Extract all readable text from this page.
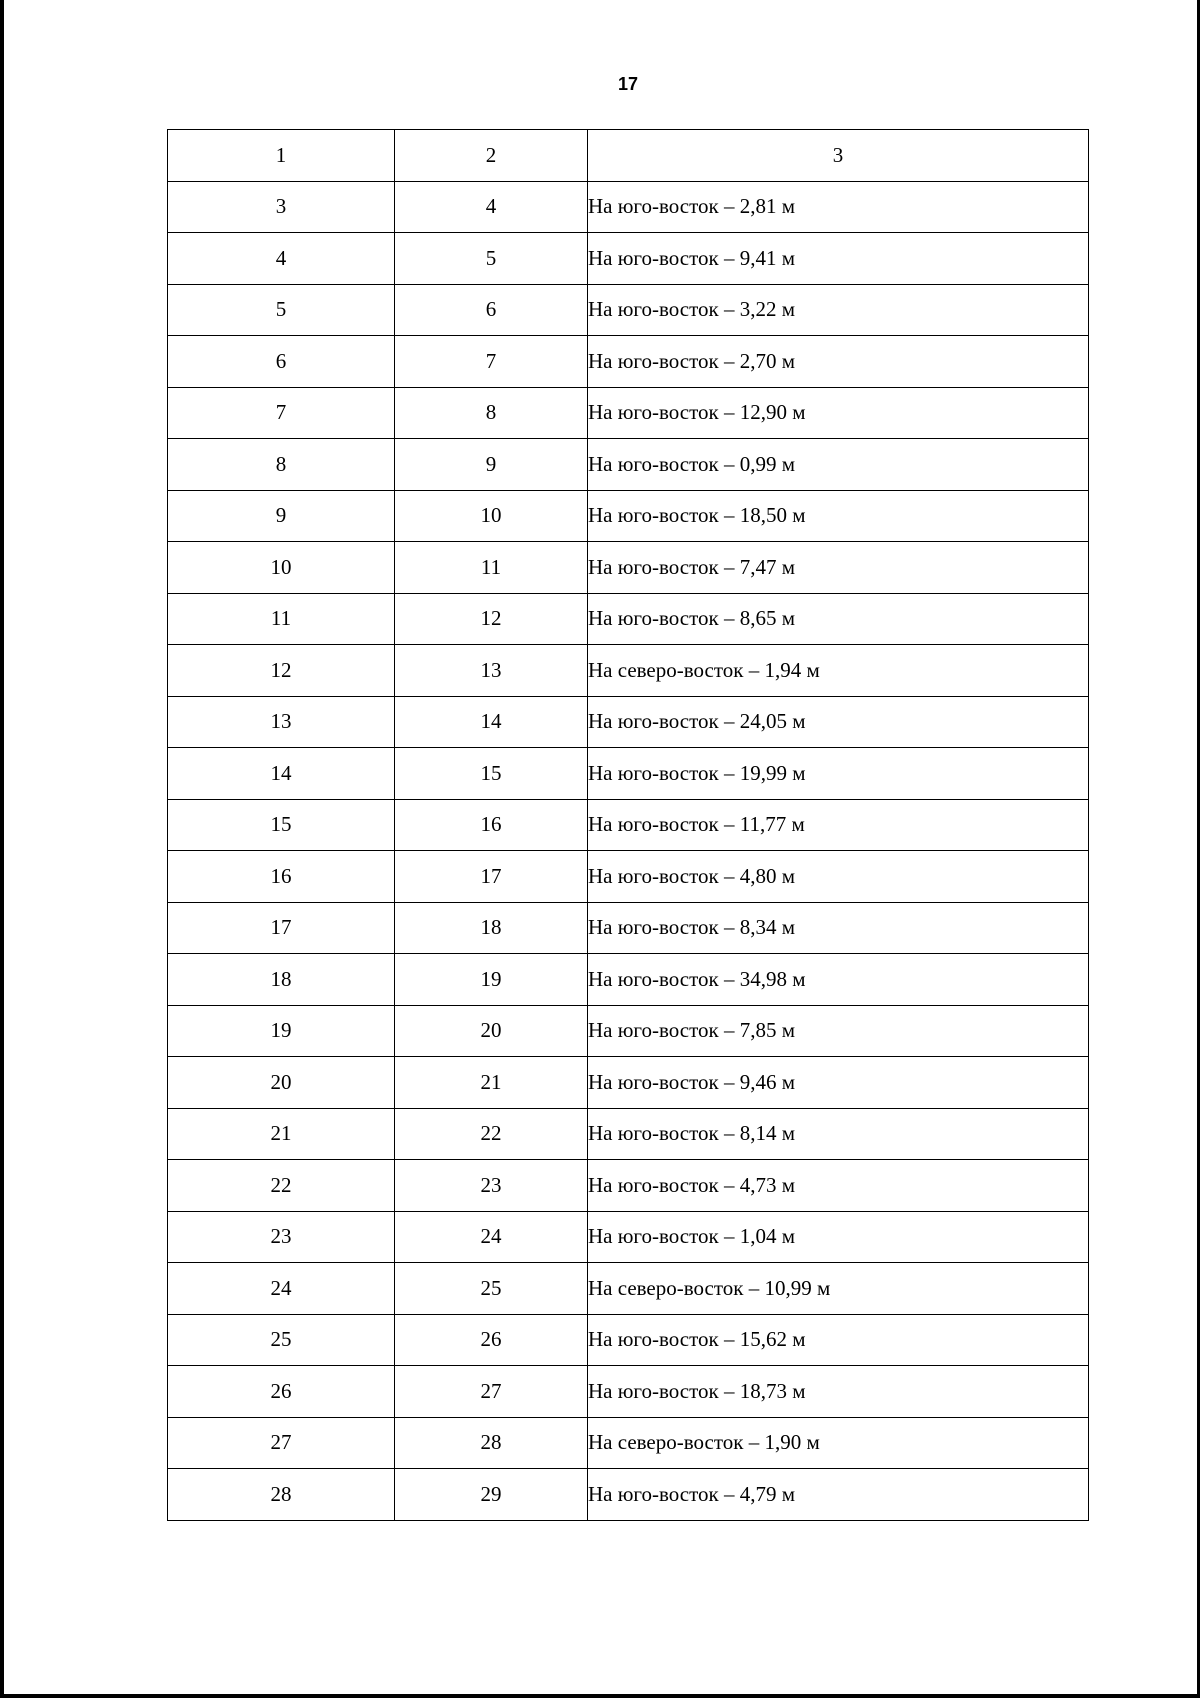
17
1	2	3
3	4	На юго-восток – 2,81 м
4	5	На юго-восток – 9,41 м
5	6	На юго-восток – 3,22 м
6	7	На юго-восток – 2,70 м
7	8	На юго-восток – 12,90 м
8	9	На юго-восток – 0,99 м
9	10	На юго-восток – 18,50 м
10	11	На юго-восток – 7,47 м
11	12	На юго-восток – 8,65 м
12	13	На северо-восток – 1,94 м
13	14	На юго-восток – 24,05 м
14	15	На юго-восток – 19,99 м
15	16	На юго-восток – 11,77 м
16	17	На юго-восток – 4,80 м
17	18	На юго-восток – 8,34 м
18	19	На юго-восток – 34,98 м
19	20	На юго-восток – 7,85 м
20	21	На юго-восток – 9,46 м
21	22	На юго-восток – 8,14 м
22	23	На юго-восток – 4,73 м
23	24	На юго-восток – 1,04 м
24	25	На северо-восток – 10,99 м
25	26	На юго-восток – 15,62 м
26	27	На юго-восток – 18,73 м
27	28	На северо-восток – 1,90 м
28	29	На юго-восток – 4,79 м
